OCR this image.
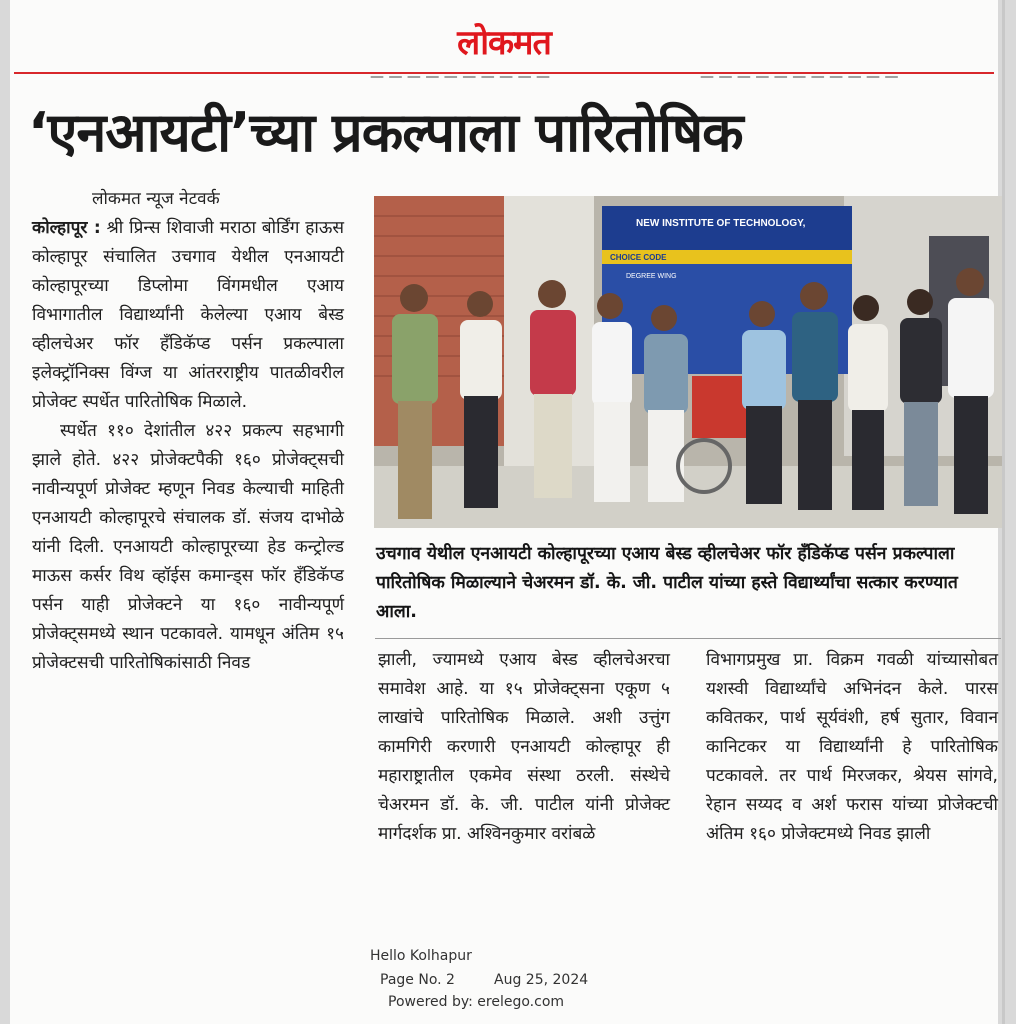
लोकमत
— — — — — — — — — —	— — — — — — — — — — —
‘एनआयटी’च्या प्रकल्पाला पारितोषिक
लोकमत न्यूज नेटवर्क

कोल्हापूर : श्री प्रिन्स शिवाजी मराठा बोर्डिंग हाऊस कोल्हापूर संचालित उचगाव येथील एनआयटी कोल्हापूरच्या डिप्लोमा विंगमधील एआय विभागातील विद्यार्थ्यांनी केलेल्या एआय बेस्ड व्हीलचेअर फॉर हॅंडिकॅप्ड पर्सन प्रकल्पाला इलेक्ट्रॉनिक्स विंग्ज या आंतरराष्ट्रीय पातळीवरील प्रोजेक्ट स्पर्धेत पारितोषिक मिळाले.

स्पर्धेत ११० देशांतील ४२२ प्रकल्प सहभागी झाले होते. ४२२ प्रोजेक्टपैकी १६० प्रोजेक्ट्सची नावीन्यपूर्ण प्रोजेक्ट म्हणून निवड केल्याची माहिती एनआयटी कोल्हापूरचे संचालक डॉ. संजय दाभोळे यांनी दिली. एनआयटी कोल्हापूरच्या हेड कन्ट्रोल्ड माऊस कर्सर विथ व्हॉईस कमान्ड्स फॉर हॅंडिकॅप्ड पर्सन याही प्रोजेक्टने या १६० नावीन्यपूर्ण प्रोजेक्ट्समध्ये स्थान पटकावले. यामधून अंतिम १५ प्रोजेक्टसची पारितोषिकांसाठी निवड

NEW INSTITUTE OF TECHNOLOGY,
CHOICE CODE
DEGREE WING
उचगाव येथील एनआयटी कोल्हापूरच्या एआय बेस्ड व्हीलचेअर फॉर हॅंडिकॅप्ड पर्सन प्रकल्पाला पारितोषिक मिळाल्याने चेअरमन डॉ. के. जी. पाटील यांच्या हस्ते विद्यार्थ्यांचा सत्कार करण्यात आला.
झाली, ज्यामध्ये एआय बेस्ड व्हीलचेअरचा समावेश आहे. या १५ प्रोजेक्ट्सना एकूण ५ लाखांचे पारितोषिक मिळाले. अशी उत्तुंग कामगिरी करणारी एनआयटी कोल्हापूर ही महाराष्ट्रातील एकमेव संस्था ठरली. संस्थेचे चेअरमन डॉ. के. जी. पाटील यांनी प्रोजेक्ट मार्गदर्शक प्रा. अश्विनकुमार वरांबळे
विभागप्रमुख प्रा. विक्रम गवळी यांच्यासोबत यशस्वी विद्यार्थ्यांचे अभिनंदन केले. पारस कवितकर, पार्थ सूर्यवंशी, हर्ष सुतार, विवान कानिटकर या विद्यार्थ्यांनी हे पारितोषिक पटकावले. तर पार्थ मिरजकर, श्रेयस सांगवे, रेहान सय्यद व अर्श फरास यांच्या प्रोजेक्टची अंतिम १६० प्रोजेक्टमध्ये निवड झाली
Hello Kolhapur
Page No. 2	Aug 25, 2024
Powered by: erelego.com
